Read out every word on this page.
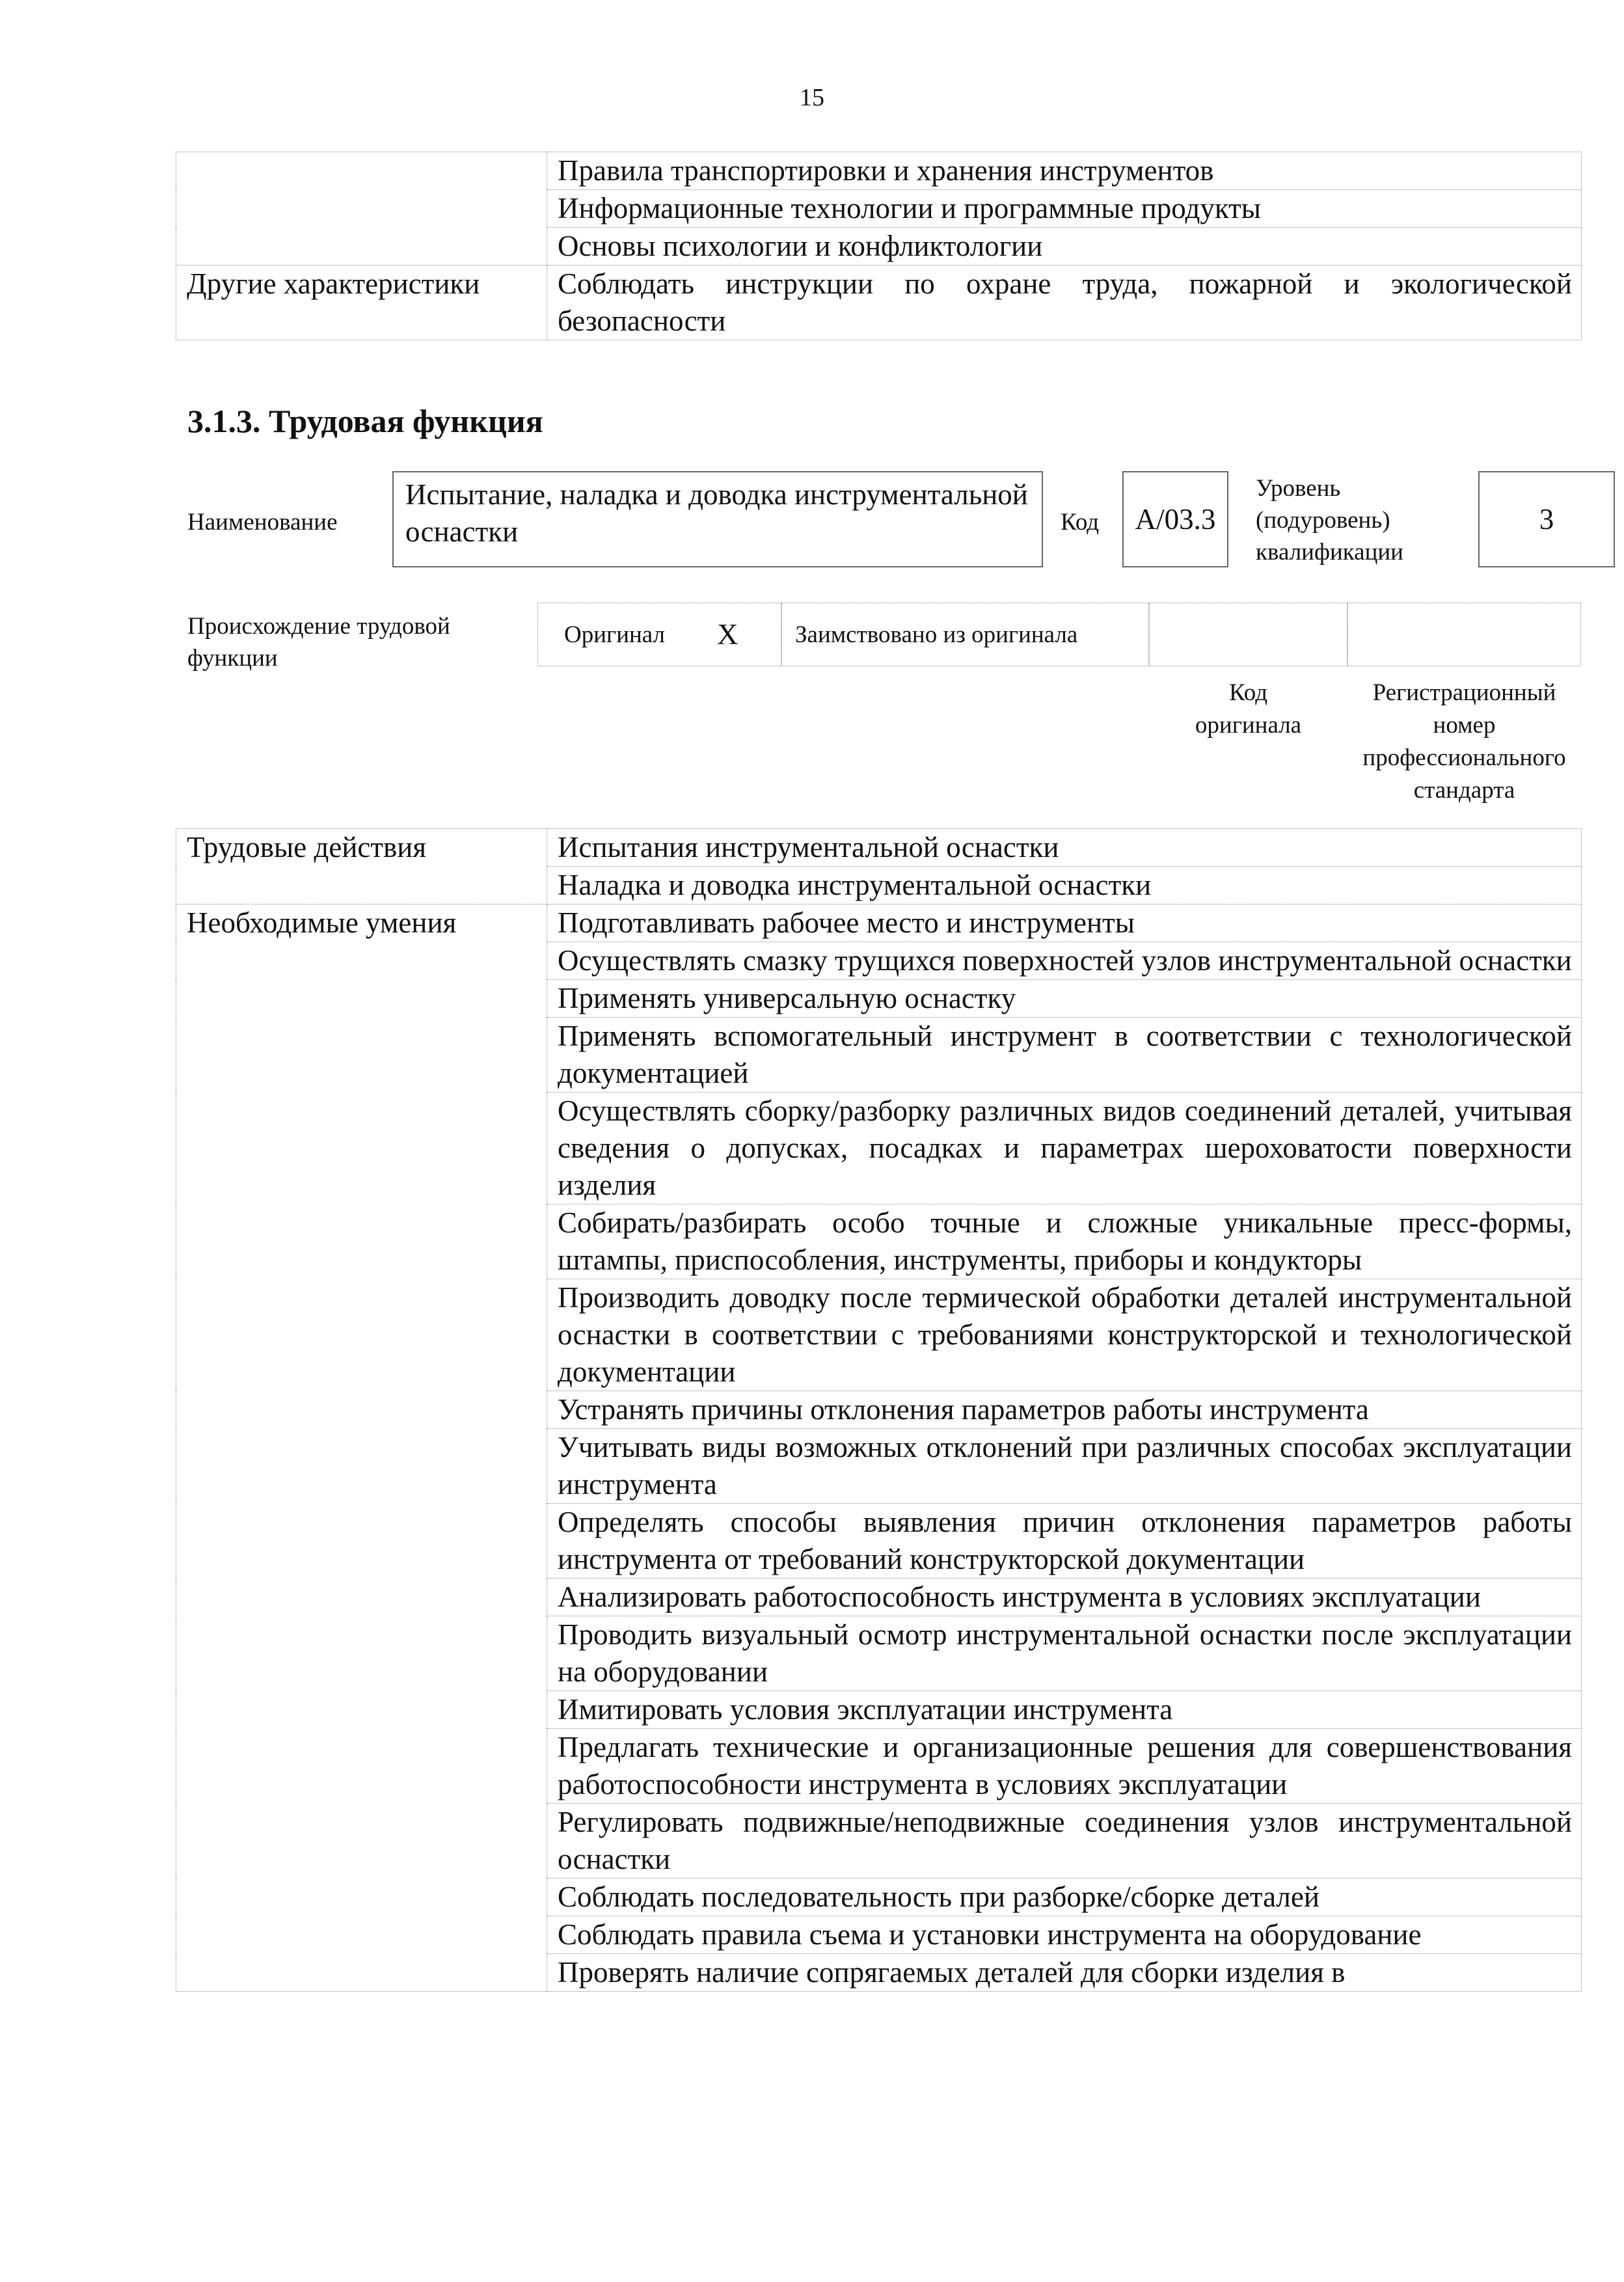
15
	Правила транспортировки и хранения инструментов
	Информационные технологии и программные продукты
	Основы психологии и конфликтологии
Другие характеристики	Соблюдать инструкции по охране труда, пожарной и экологической безопасности
3.1.3. Трудовая функция
Наименование
Испытание, наладка и доводка инструментальной оснастки	Код А/03.3
Уровень
(подуровень)
квалификации
3
Происхождение трудовой
функции
Оригинал X Заимствовано из оригинала
Код
оригинала
Регистрационный
номер
профессионального
стандарта
Трудовые действия	Испытания инструментальной оснастки
	Наладка и доводка инструментальной оснастки
Необходимые умения	Подготавливать рабочее место и инструменты
	Осуществлять смазку трущихся поверхностей узлов инструментальной оснастки
	Применять универсальную оснастку
	Применять вспомогательный инструмент в соответствии с технологической документацией
	Осуществлять сборку/разборку различных видов соединений деталей, учитывая сведения о допусках, посадках и параметрах шероховатости поверхности изделия
	Собирать/разбирать особо точные и сложные уникальные пресс-формы, штампы, приспособления, инструменты, приборы и кондукторы
	Производить доводку после термической обработки деталей инструментальной оснастки в соответствии с требованиями конструкторской и технологической документации
	Устранять причины отклонения параметров работы инструмента
	Учитывать виды возможных отклонений при различных способах эксплуатации инструмента
	Определять способы выявления причин отклонения параметров работы инструмента от требований конструкторской документации
	Анализировать работоспособность инструмента в условиях эксплуатации
	Проводить визуальный осмотр инструментальной оснастки после эксплуатации на оборудовании
	Имитировать условия эксплуатации инструмента
	Предлагать технические и организационные решения для совершенствования работоспособности инструмента в условиях эксплуатации
	Регулировать подвижные/неподвижные соединения узлов инструментальной оснастки
	Соблюдать последовательность при разборке/сборке деталей
	Соблюдать правила съема и установки инструмента на оборудование
	Проверять наличие сопрягаемых деталей для сборки изделия в
